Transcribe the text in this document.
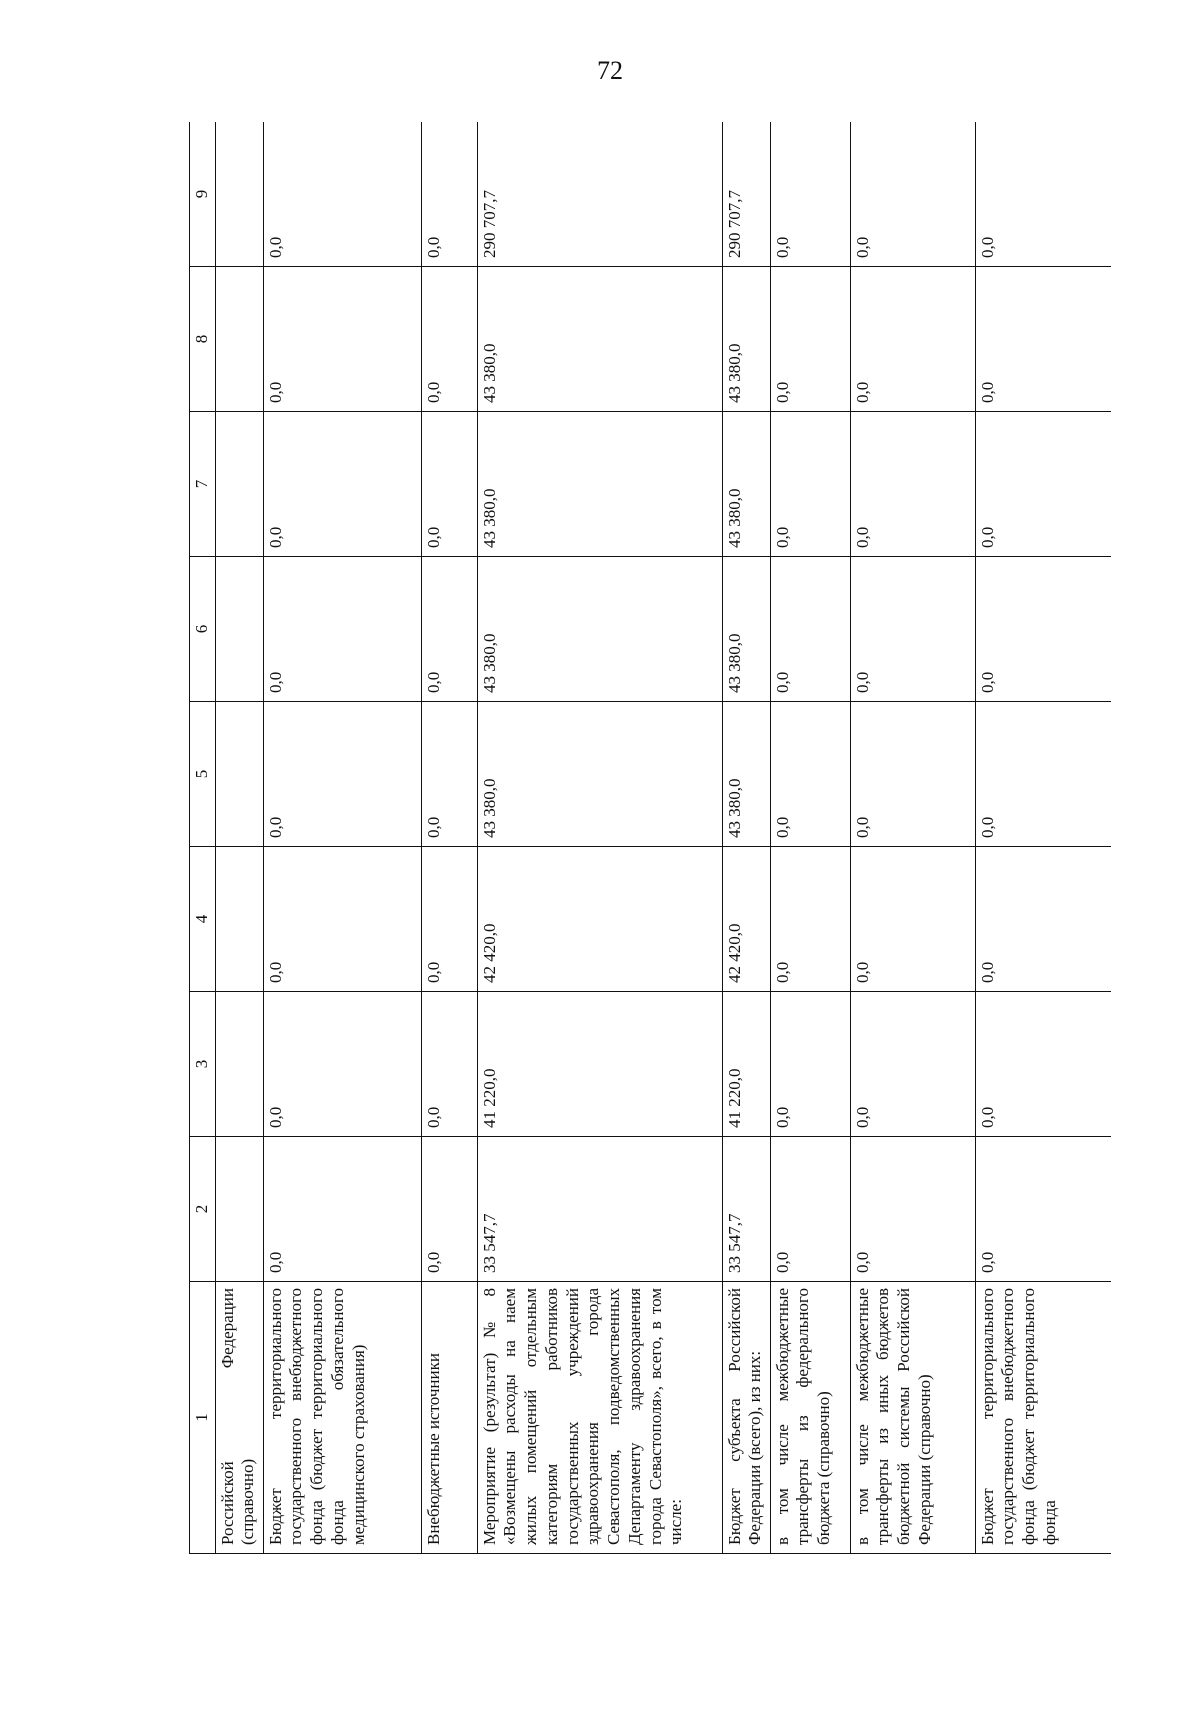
72
1	2	3	4	5	6	7	8	9
Российской Федерации (справочно)								
Бюджет территориального государственного внебюджетного фонда (бюджет территориального фонда обязательного медицинского страхования)	0,0	0,0	0,0	0,0	0,0	0,0	0,0	0,0
Внебюджетные источники	0,0	0,0	0,0	0,0	0,0	0,0	0,0	0,0
Мероприятие (результат) № 8 «Возмещены расходы на наем жилых помещений отдельным категориям работников государственных учреждений здравоохранения города Севастополя, подведомственных Департаменту здравоохранения города Севастополя», всего, в том числе:	33 547,7	41 220,0	42 420,0	43 380,0	43 380,0	43 380,0	43 380,0	290 707,7
Бюджет субъекта Российской Федерации (всего), из них:	33 547,7	41 220,0	42 420,0	43 380,0	43 380,0	43 380,0	43 380,0	290 707,7
в том числе межбюджетные трансферты из федерального бюджета (справочно)	0,0	0,0	0,0	0,0	0,0	0,0	0,0	0,0
в том числе межбюджетные трансферты из иных бюджетов бюджетной системы Российской Федерации (справочно)	0,0	0,0	0,0	0,0	0,0	0,0	0,0	0,0
Бюджет территориального государственного внебюджетного фонда (бюджет территориального фонда	0,0	0,0	0,0	0,0	0,0	0,0	0,0	0,0
